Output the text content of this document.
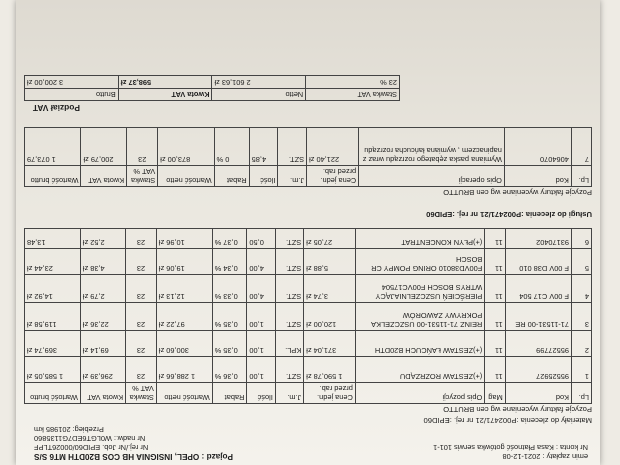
emin zapłaty : 2021-12-08
Nr konta : Kasa Płatność gotówka serwis 101-1
Pojazd : OPEL, INSIGNIA HB COS B20DTH MT6 S/S
Nr rej./Nr Job. EPID60/00026TLPF
Nr nadw.: W0LGT6ED7G1135860
Przebieg: 201985 km
Materiały do zlecenia :P002471/21 nr rej. :EPID60
Pozycje faktury wyceniane wg cen BRUTTO
Lp.	Kod	Mag	Opis pozycji	Cena jedn. przed rab.	J.m.	Ilość	Rabat	Wartość netto	Stawka VAT %	Kwota VAT	Wartość brutto
1	95525927	11	(+)ZESTAW ROZRZĄDU	1 590,78 zł	SZT.	1,00	0,36 %	1 288,66 zł	23	296,39 zł	1 585,05 zł
2	95527799	11	(+)ZESTAW ŁAŃCUCH B20DTH	371,04 zł	KPL.	1,00	0,35 %	300,60 zł	23	69,14 zł	369,74 zł
3	71-11531-00 RE	11	REINZ 71-11531-00 USZCZELKA POKRYWY ZAWORÓW	120,00 zł	SZT.	1,00	0,35 %	97,22 zł	23	22,36 zł	119,58 zł
4	F 00V C17 504	11	PIERŚCIEŃ USZCZELNIAJĄCY WTRYS BOSCH F00VC17504	3,74 zł	SZT.	4,00	0,33 %	12,13 zł	23	2,79 zł	14,92 zł
5	F 00V D38 010	11	F00VD38010 ORING POMPY CR BOSCH	5,88 zł	SZT.	4,00	0,34 %	19,06 zł	23	4,38 zł	23,44 zł
6	93170402	11	(+)PŁYN KONCENTRAT	27,05 zł	SZT.	0,50	0,37 %	10,96 zł	23	2,52 zł	13,48
Usługi do zlecenia :P002471/21 nr rej. :EPID60
Pozycje faktury wyceniane wg cen BRUTTO
Lp.	Kod	Opis operacji	Cena jedn. przed rab.	J.m.	Ilość	Rabat	Wartość netto	Stawka VAT %	Kwota VAT	Wartość brutto
7	4064070	Wymiana paska zębatego rozrządu wraz z napinaczem , wymiana łańcucha rozrządu	221,40 zł	SZT.	4,85	0 %	873,00 zł	23	200,79 zł	1 073,79
Podział VAT
Stawka VAT	Netto	Kwota VAT	Brutto
23 %	2 601,63 zł	598,37 zł	3 200,00 zł
